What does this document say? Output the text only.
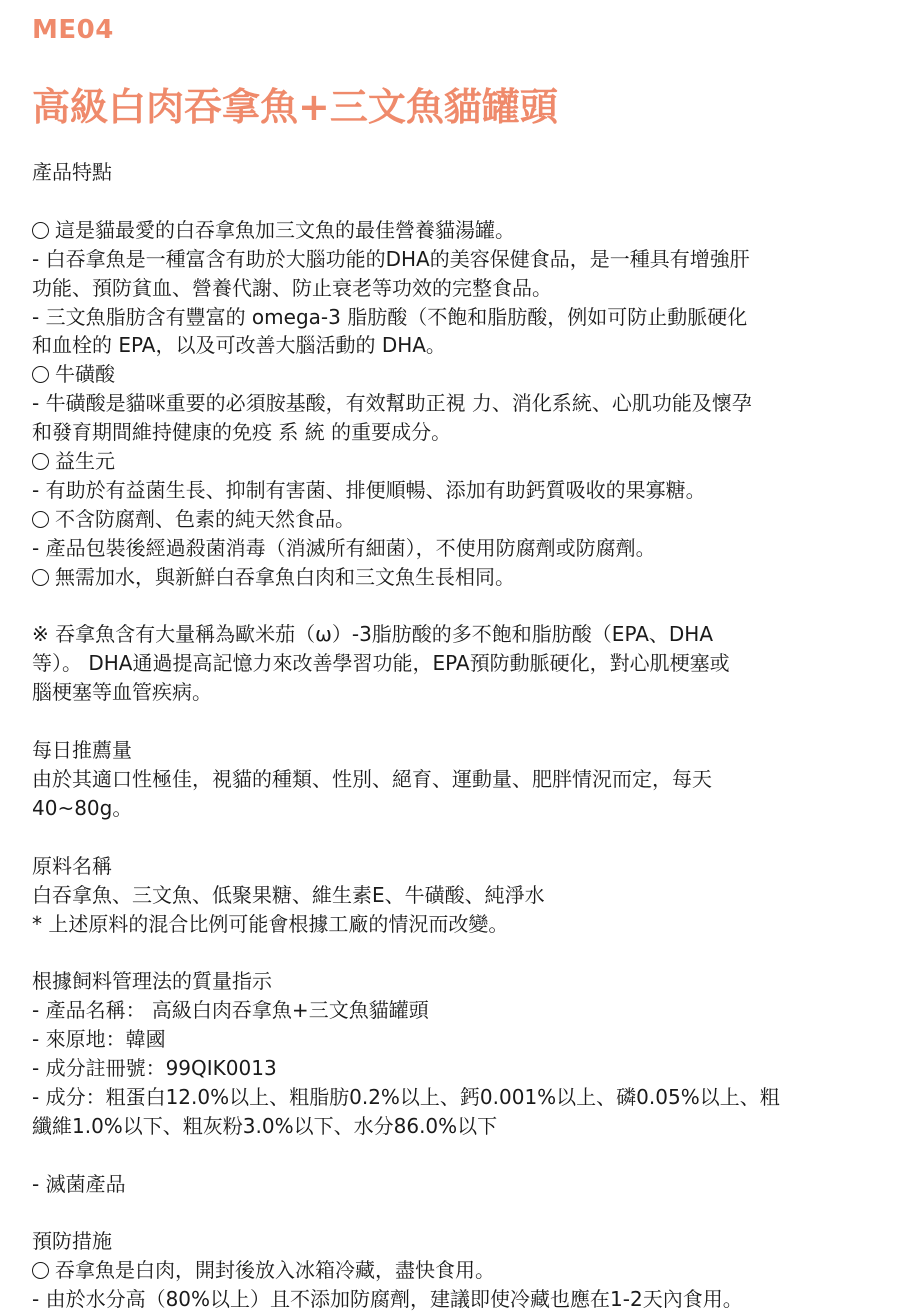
ME04
高級白肉吞拿魚+三文魚貓罐頭

產品特點

這是貓最愛的白吞拿魚加三文魚的最佳營養貓湯罐。

- 白吞拿魚是一種富含有助於大腦功能的DHA的美容保健食品，是一種具有增強肝

功能、預防貧血、營養代謝、防止衰老等功效的完整食品。

- 三文魚脂肪含有豐富的 omega-3 脂肪酸（不飽和脂肪酸，例如可防止動脈硬化

和血栓的 EPA，以及可改善大腦活動的 DHA。

牛磺酸

- 牛磺酸是貓咪重要的必須胺基酸，有效幫助正視 力、消化系統、心肌功能及懷孕

和發育期間維持健康的免疫 系 統 的重要成分。

益生元

- 有助於有益菌生長、抑制有害菌、排便順暢、添加有助鈣質吸收的果寡糖。

不含防腐劑、色素的純天然食品。

- 產品包裝後經過殺菌消毒（消滅所有細菌），不使用防腐劑或防腐劑。

無需加水，與新鮮白吞拿魚白肉和三文魚生長相同。

※ 吞拿魚含有大量稱為歐米茄（ω）-3脂肪酸的多不飽和脂肪酸（EPA、DHA

等）。 DHA通過提高記憶力來改善學習功能，EPA預防動脈硬化，對心肌梗塞或

腦梗塞等血管疾病。

每日推薦量

由於其適口性極佳，視貓的種類、性別、絕育、運動量、肥胖情況而定，每天

40~80g。

原料名稱

白吞拿魚、三文魚、低聚果糖、維生素E、牛磺酸、純淨水

* 上述原料的混合比例可能會根據工廠的情況而改變。

根據飼料管理法的質量指示

- 產品名稱： 高級白肉吞拿魚+三文魚貓罐頭

- 來原地：韓國

- 成分註冊號：99QIK0013

- 成分：粗蛋白12.0%以上、粗脂肪0.2%以上、鈣0.001%以上、磷0.05%以上、粗

纖維1.0%以下、粗灰粉3.0%以下、水分86.0%以下

- 滅菌產品

預防措施

吞拿魚是白肉，開封後放入冰箱冷藏，盡快食用。

- 由於水分高（80%以上）且不添加防腐劑，建議即使冷藏也應在1-2天內食用。
